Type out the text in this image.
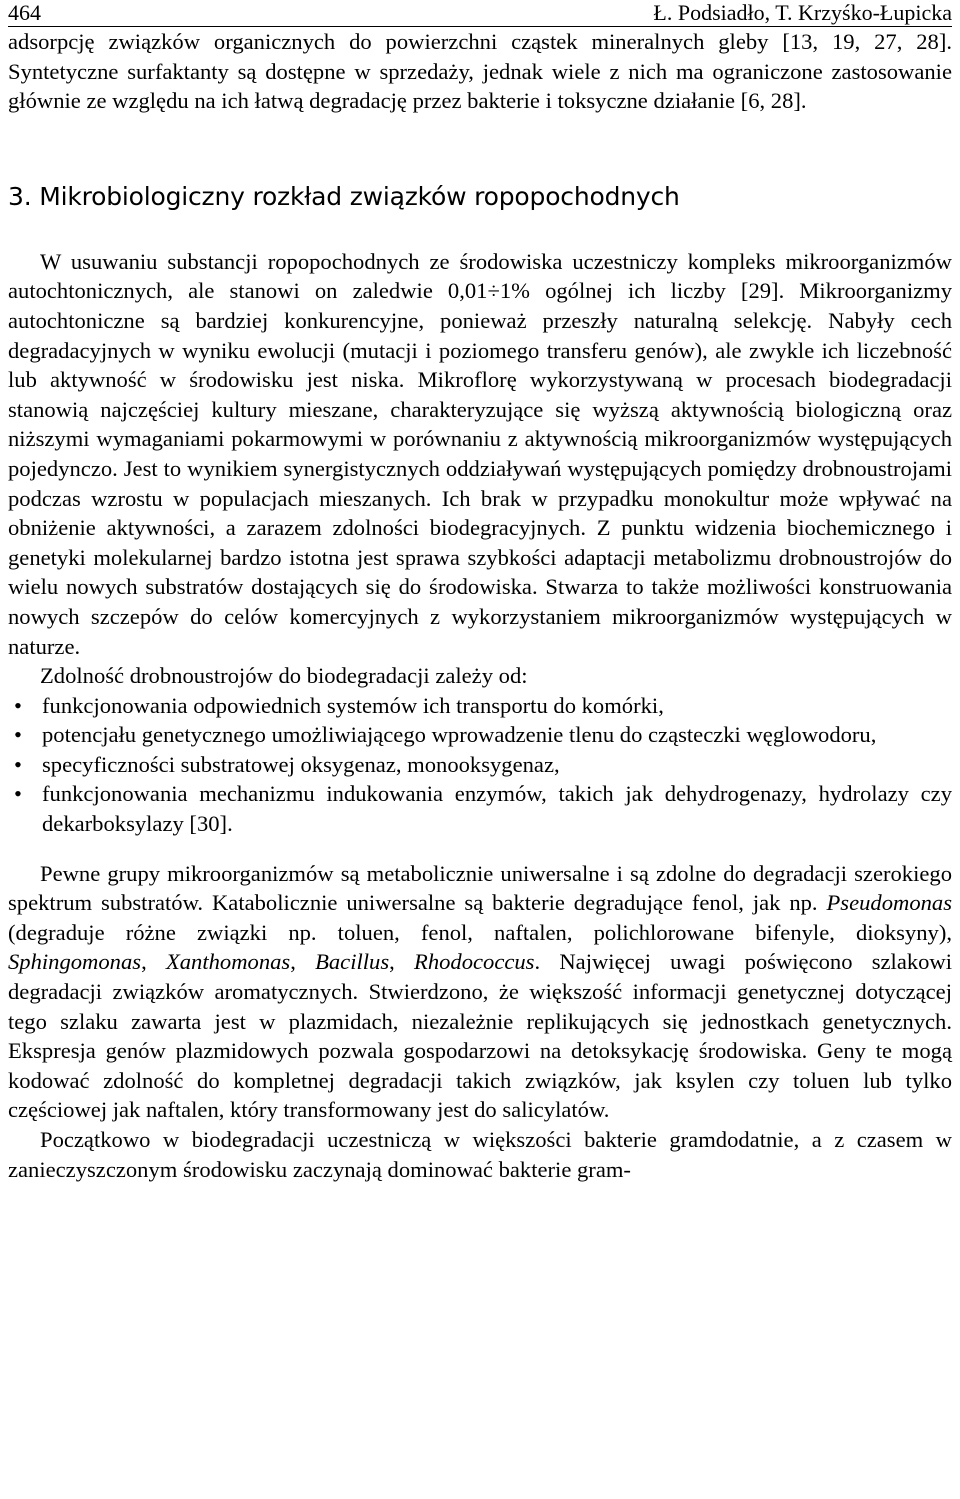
464	Ł. Podsiadło, T. Krzyśko-Łupicka
adsorpcję związków organicznych do powierzchni cząstek mineralnych gleby [13, 19, 27, 28]. Syntetyczne surfaktanty są dostępne w sprzedaży, jednak wiele z nich ma ograniczone zastosowanie głównie ze względu na ich łatwą degradację przez bakterie i toksyczne działanie [6, 28].
3. Mikrobiologiczny rozkład związków ropopochodnych
W usuwaniu substancji ropopochodnych ze środowiska uczestniczy kompleks mikroorganizmów autochtonicznych, ale stanowi on zaledwie 0,01÷1% ogólnej ich liczby [29]. Mikroorganizmy autochtoniczne są bardziej konkurencyjne, ponieważ przeszły naturalną selekcję. Nabyły cech degradacyjnych w wyniku ewolucji (mutacji i poziomego transferu genów), ale zwykle ich liczebność lub aktywność w środowisku jest niska. Mikroflorę wykorzystywaną w procesach biodegradacji stanowią najczęściej kultury mieszane, charakteryzujące się wyższą aktywnością biologiczną oraz niższymi wymaganiami pokarmowymi w porównaniu z aktywnością mikroorganizmów występujących pojedynczo. Jest to wynikiem synergistycznych oddziaływań występujących pomiędzy drobnoustrojami podczas wzrostu w populacjach mieszanych. Ich brak w przypadku monokultur może wpływać na obniżenie aktywności, a zarazem zdolności biodegracyjnych. Z punktu widzenia biochemicznego i genetyki molekularnej bardzo istotna jest sprawa szybkości adaptacji metabolizmu drobnoustrojów do wielu nowych substratów dostających się do środowiska. Stwarza to także możliwości konstruowania nowych szczepów do celów komercyjnych z wykorzystaniem mikroorganizmów występujących w naturze.
Zdolność drobnoustrojów do biodegradacji zależy od:
• funkcjonowania odpowiednich systemów ich transportu do komórki,
• potencjału genetycznego umożliwiającego wprowadzenie tlenu do cząsteczki węglowodoru,
• specyficzności substratowej oksygenaz, monooksygenaz,
• funkcjonowania mechanizmu indukowania enzymów, takich jak dehydrogenazy, hydrolazy czy dekarboksylazy [30].
Pewne grupy mikroorganizmów są metabolicznie uniwersalne i są zdolne do degradacji szerokiego spektrum substratów. Katabolicznie uniwersalne są bakterie degradujące fenol, jak np. Pseudomonas (degraduje różne związki np. toluen, fenol, naftalen, polichlorowane bifenyle, dioksyny), Sphingomonas, Xanthomonas, Bacillus, Rhodococcus. Najwięcej uwagi poświęcono szlakowi degradacji związków aromatycznych. Stwierdzono, że większość informacji genetycznej dotyczącej tego szlaku zawarta jest w plazmidach, niezależnie replikujących się jednostkach genetycznych. Ekspresja genów plazmidowych pozwala gospodarzowi na detoksykację środowiska. Geny te mogą kodować zdolność do kompletnej degradacji takich związków, jak ksylen czy toluen lub tylko częściowej jak naftalen, który transformowany jest do salicylatów.
Początkowo w biodegradacji uczestniczą w większości bakterie gramdodatnie, a z czasem w zanieczyszczonym środowisku zaczynają dominować bakterie gram-
